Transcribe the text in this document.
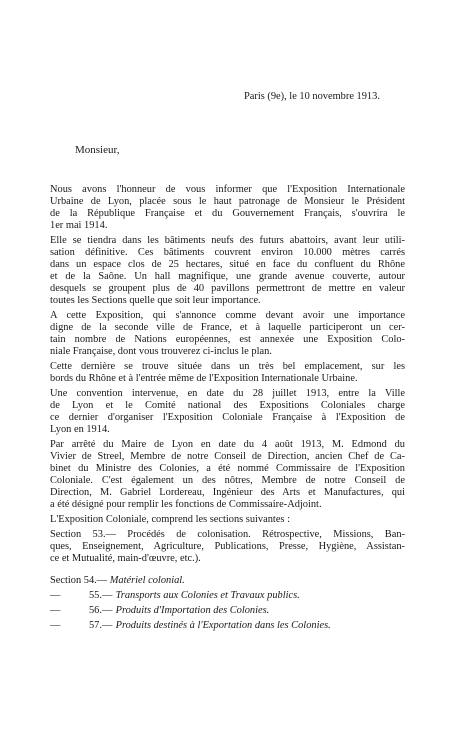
Paris (9e), le 10 novembre 1913.
Monsieur,
Nous avons l'honneur de vous informer que l'Exposition Internationale
Urbaine de Lyon, placée sous le haut patronage de Monsieur le Président
de la République Française et du Gouvernement Français, s'ouvrira le
1er mai 1914.
Elle se tiendra dans les bâtiments neufs des futurs abattoirs, avant leur utili-
sation définitive. Ces bâtiments couvrent environ 10.000 mètres carrés
dans un espace clos de 25 hectares, situé en face du confluent du Rhône
et de la Saône. Un hall magnifique, une grande avenue couverte, autour
desquels se groupent plus de 40 pavillons permettront de mettre en valeur
toutes les Sections quelle que soit leur importance.
A cette Exposition, qui s'annonce comme devant avoir une importance
digne de la seconde ville de France, et à laquelle participeront un cer-
tain nombre de Nations européennes, est annexée une Exposition Colo-
niale Française, dont vous trouverez ci-inclus le plan.
Cette dernière se trouve située dans un très bel emplacement, sur les
bords du Rhône et à l'entrée même de l'Exposition Internationale Urbaine.
Une convention intervenue, en date du 28 juillet 1913, entre la Ville
de Lyon et le Comité national des Expositions Coloniales charge
ce dernier d'organiser l'Exposition Coloniale Française à l'Exposition de
Lyon en 1914.
Par arrêté du Maire de Lyon en date du 4 août 1913, M. Edmond du
Vivier de Streel, Membre de notre Conseil de Direction, ancien Chef de Ca-
binet du Ministre des Colonies, a été nommé Commissaire de l'Exposition
Coloniale. C'est également un des nôtres, Membre de notre Conseil de
Direction, M. Gabriel Lordereau, Ingénieur des Arts et Manufactures, qui
a été désigné pour remplir les fonctions de Commissaire-Adjoint.
L'Exposition Coloniale, comprend les sections suivantes :
Section 53.— Procédés de colonisation. Rétrospective, Missions, Ban-
ques, Enseignement, Agriculture, Publications, Presse, Hygiène, Assistan-
ce et Mutualité, main-d'œuvre, etc.).
Section 54.— Matériel colonial.
— 55.— Transports aux Colonies et Travaux publics.
— 56.— Produits d'Importation des Colonies.
— 57.— Produits destinés à l'Exportation dans les Colonies.
